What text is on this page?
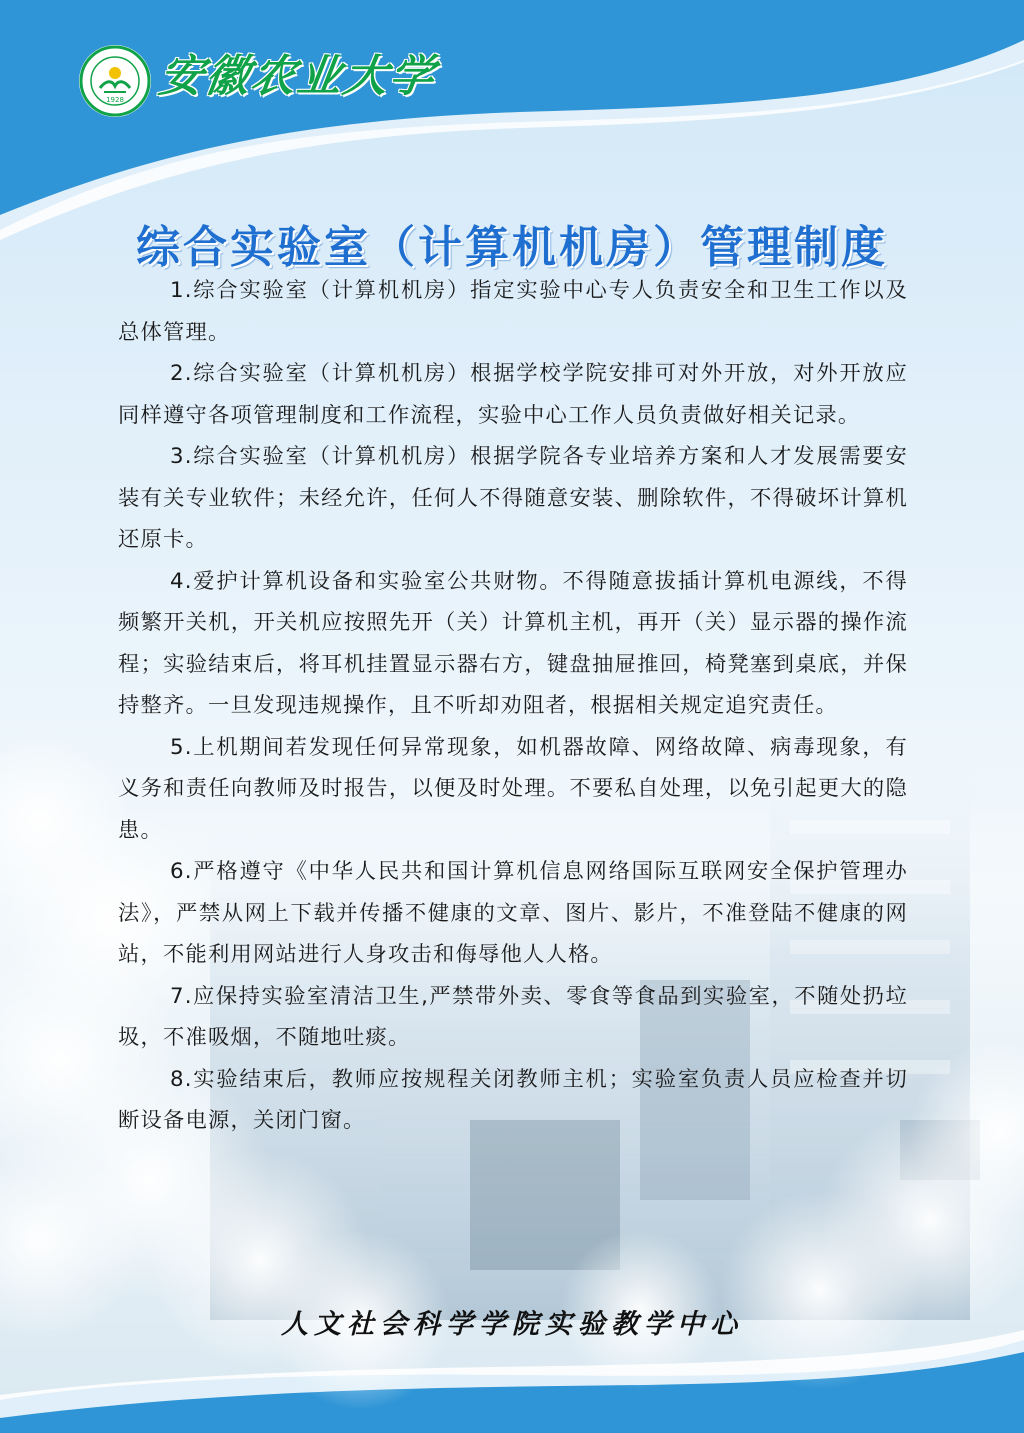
1928 安徽农业大学
综合实验室（计算机机房）管理制度

1.综合实验室（计算机机房）指定实验中心专人负责安全和卫生工作以及总体管理。

2.综合实验室（计算机机房）根据学校学院安排可对外开放，对外开放应同样遵守各项管理制度和工作流程，实验中心工作人员负责做好相关记录。

3.综合实验室（计算机机房）根据学院各专业培养方案和人才发展需要安装有关专业软件；未经允许，任何人不得随意安装、删除软件，不得破坏计算机还原卡。

4.爱护计算机设备和实验室公共财物。不得随意拔插计算机电源线，不得频繁开关机，开关机应按照先开（关）计算机主机，再开（关）显示器的操作流程；实验结束后，将耳机挂置显示器右方，键盘抽屉推回，椅凳塞到桌底，并保持整齐。一旦发现违规操作，且不听却劝阻者，根据相关规定追究责任。

5.上机期间若发现任何异常现象，如机器故障、网络故障、病毒现象，有义务和责任向教师及时报告，以便及时处理。不要私自处理，以免引起更大的隐患。

6.严格遵守《中华人民共和国计算机信息网络国际互联网安全保护管理办法》，严禁从网上下载并传播不健康的文章、图片、影片，不准登陆不健康的网站，不能利用网站进行人身攻击和侮辱他人人格。

7.应保持实验室清洁卫生,严禁带外卖、零食等食品到实验室，不随处扔垃圾，不准吸烟，不随地吐痰。

8.实验结束后，教师应按规程关闭教师主机；实验室负责人员应检查并切断设备电源，关闭门窗。

人文社会科学学院实验教学中心
